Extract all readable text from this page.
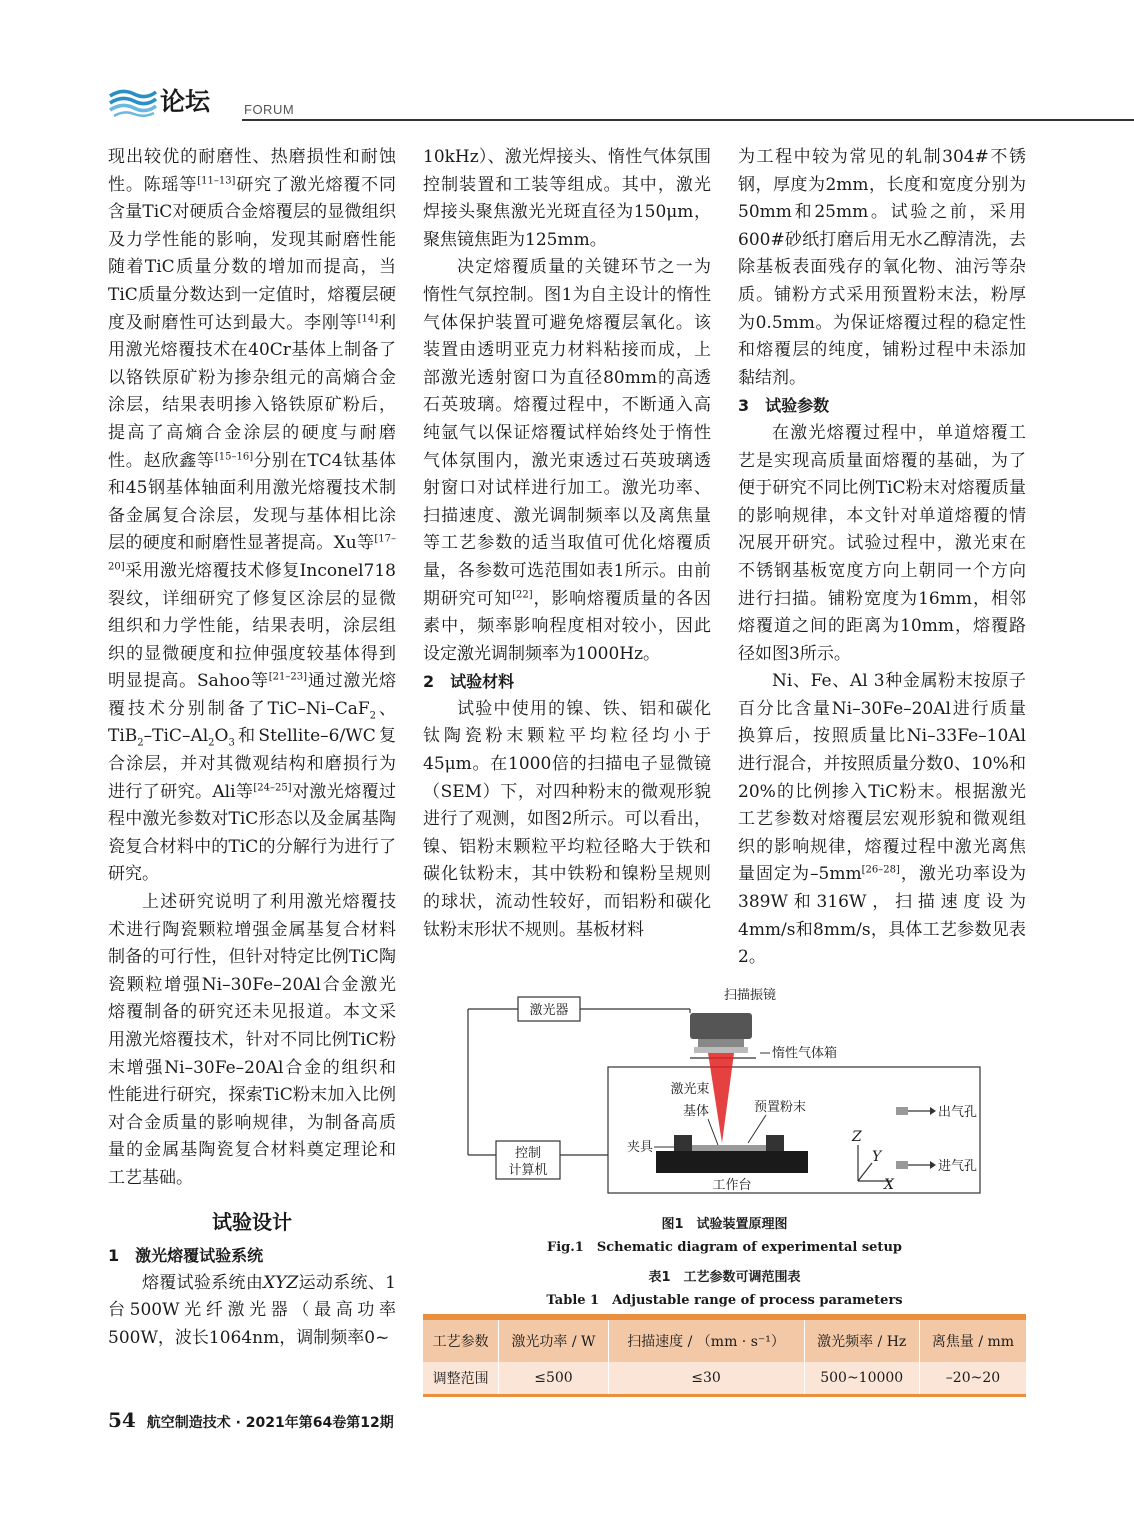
论坛	FORUM

现出较优的耐磨性、热磨损性和耐蚀性。陈瑶等[11–13]研究了激光熔覆不同含量TiC对硬质合金熔覆层的显微组织及力学性能的影响，发现其耐磨性能随着TiC质量分数的增加而提高，当TiC质量分数达到一定值时，熔覆层硬度及耐磨性可达到最大。李刚等[14]利用激光熔覆技术在40Cr基体上制备了以铬铁原矿粉为掺杂组元的高熵合金涂层，结果表明掺入铬铁原矿粉后，提高了高熵合金涂层的硬度与耐磨性。赵欣鑫等[15–16]分别在TC4钛基体和45钢基体轴面利用激光熔覆技术制备金属复合涂层，发现与基体相比涂层的硬度和耐磨性显著提高。Xu等[17–20]采用激光熔覆技术修复Inconel718裂纹，详细研究了修复区涂层的显微组织和力学性能，结果表明，涂层组织的显微硬度和拉伸强度较基体得到明显提高。Sahoo等[21–23]通过激光熔覆技术分别制备了TiC–Ni–CaF$_2$、$TiB_2-TiC-Al_2O_3$和Stellite–6/WC复合涂层，并对其微观结构和磨损行为进行了研究。Ali等[24–25]对激光熔覆过程中激光参数对TiC形态以及金属基陶瓷复合材料中的TiC的分解行为进行了研究。

上述研究说明了利用激光熔覆技术进行陶瓷颗粒增强金属基复合材料制备的可行性，但针对特定比例TiC陶瓷颗粒增强Ni–30Fe–20Al合金激光熔覆制备的研究还未见报道。本文采用激光熔覆技术，针对不同比例TiC粉末增强Ni–30Fe–20Al合金的组织和性能进行研究，探索TiC粉末加入比例对合金质量的影响规律，为制备高质量的金属基陶瓷复合材料奠定理论和工艺基础。

试验设计

1　激光熔覆试验系统

熔覆试验系统由XYZ运动系统、1台500W光纤激光器（最高功率500W，波长1064nm，调制频率0~

10kHz）、激光焊接头、惰性气体氛围控制装置和工装等组成。其中，激光焊接头聚焦激光光斑直径为150μm，聚焦镜焦距为125mm。

决定熔覆质量的关键环节之一为惰性气氛控制。图1为自主设计的惰性气体保护装置可避免熔覆层氧化。该装置由透明亚克力材料粘接而成，上部激光透射窗口为直径80mm的高透石英玻璃。熔覆过程中，不断通入高纯氩气以保证熔覆试样始终处于惰性气体氛围内，激光束透过石英玻璃透射窗口对试样进行加工。激光功率、扫描速度、激光调制频率以及离焦量等工艺参数的适当取值可优化熔覆质量，各参数可选范围如表1所示。由前期研究可知[22]，影响熔覆质量的各因素中，频率影响程度相对较小，因此设定激光调制频率为1000Hz。

2　试验材料

试验中使用的镍、铁、铝和碳化钛陶瓷粉末颗粒平均粒径均小于45μm。在1000倍的扫描电子显微镜（SEM）下，对四种粉末的微观形貌进行了观测，如图2所示。可以看出，镍、铝粉末颗粒平均粒径略大于铁和碳化钛粉末，其中铁粉和镍粉呈规则的球状，流动性较好，而铝粉和碳化钛粉末形状不规则。基板材料

为工程中较为常见的轧制304#不锈钢，厚度为2mm，长度和宽度分别为50mm和25mm。试验之前，采用600#砂纸打磨后用无水乙醇清洗，去除基板表面残存的氧化物、油污等杂质。铺粉方式采用预置粉末法，粉厚为0.5mm。为保证熔覆过程的稳定性和熔覆层的纯度，铺粉过程中未添加黏结剂。

3　试验参数

在激光熔覆过程中，单道熔覆工艺是实现高质量面熔覆的基础，为了便于研究不同比例TiC粉末对熔覆质量的影响规律，本文针对单道熔覆的情况展开研究。试验过程中，激光束在不锈钢基板宽度方向上朝同一个方向进行扫描。铺粉宽度为16mm，相邻熔覆道之间的距离为10mm，熔覆路径如图3所示。

Ni、Fe、Al 3种金属粉末按原子百分比含量Ni–30Fe–20Al进行质量换算后，按照质量比Ni–33Fe–10Al进行混合，并按照质量分数0、10%和20%的比例掺入TiC粉末。根据激光工艺参数对熔覆层宏观形貌和微观组织的影响规律，熔覆过程中激光离焦量固定为–5mm[26–28]，激光功率设为389W和316W，扫描速度设为4mm/s和8mm/s，具体工艺参数见表2。

激光器
控制
计算机
扫描振镜
惰性气体箱
激光束
基体	预置粉末
夹具
工作台
Z
Y
X
出气孔
进气孔
图1　试验装置原理图
Fig.1　Schematic diagram of experimental setup
表1　工艺参数可调范围表
Table 1　Adjustable range of process parameters
工艺参数	激光功率 / W	扫描速度 / （mm · s⁻¹）	激光频率 / Hz	离焦量 / mm
调整范围	≤500	≤30	500~10000	–20~20
54 航空制造技术 · 2021年第64卷第12期
